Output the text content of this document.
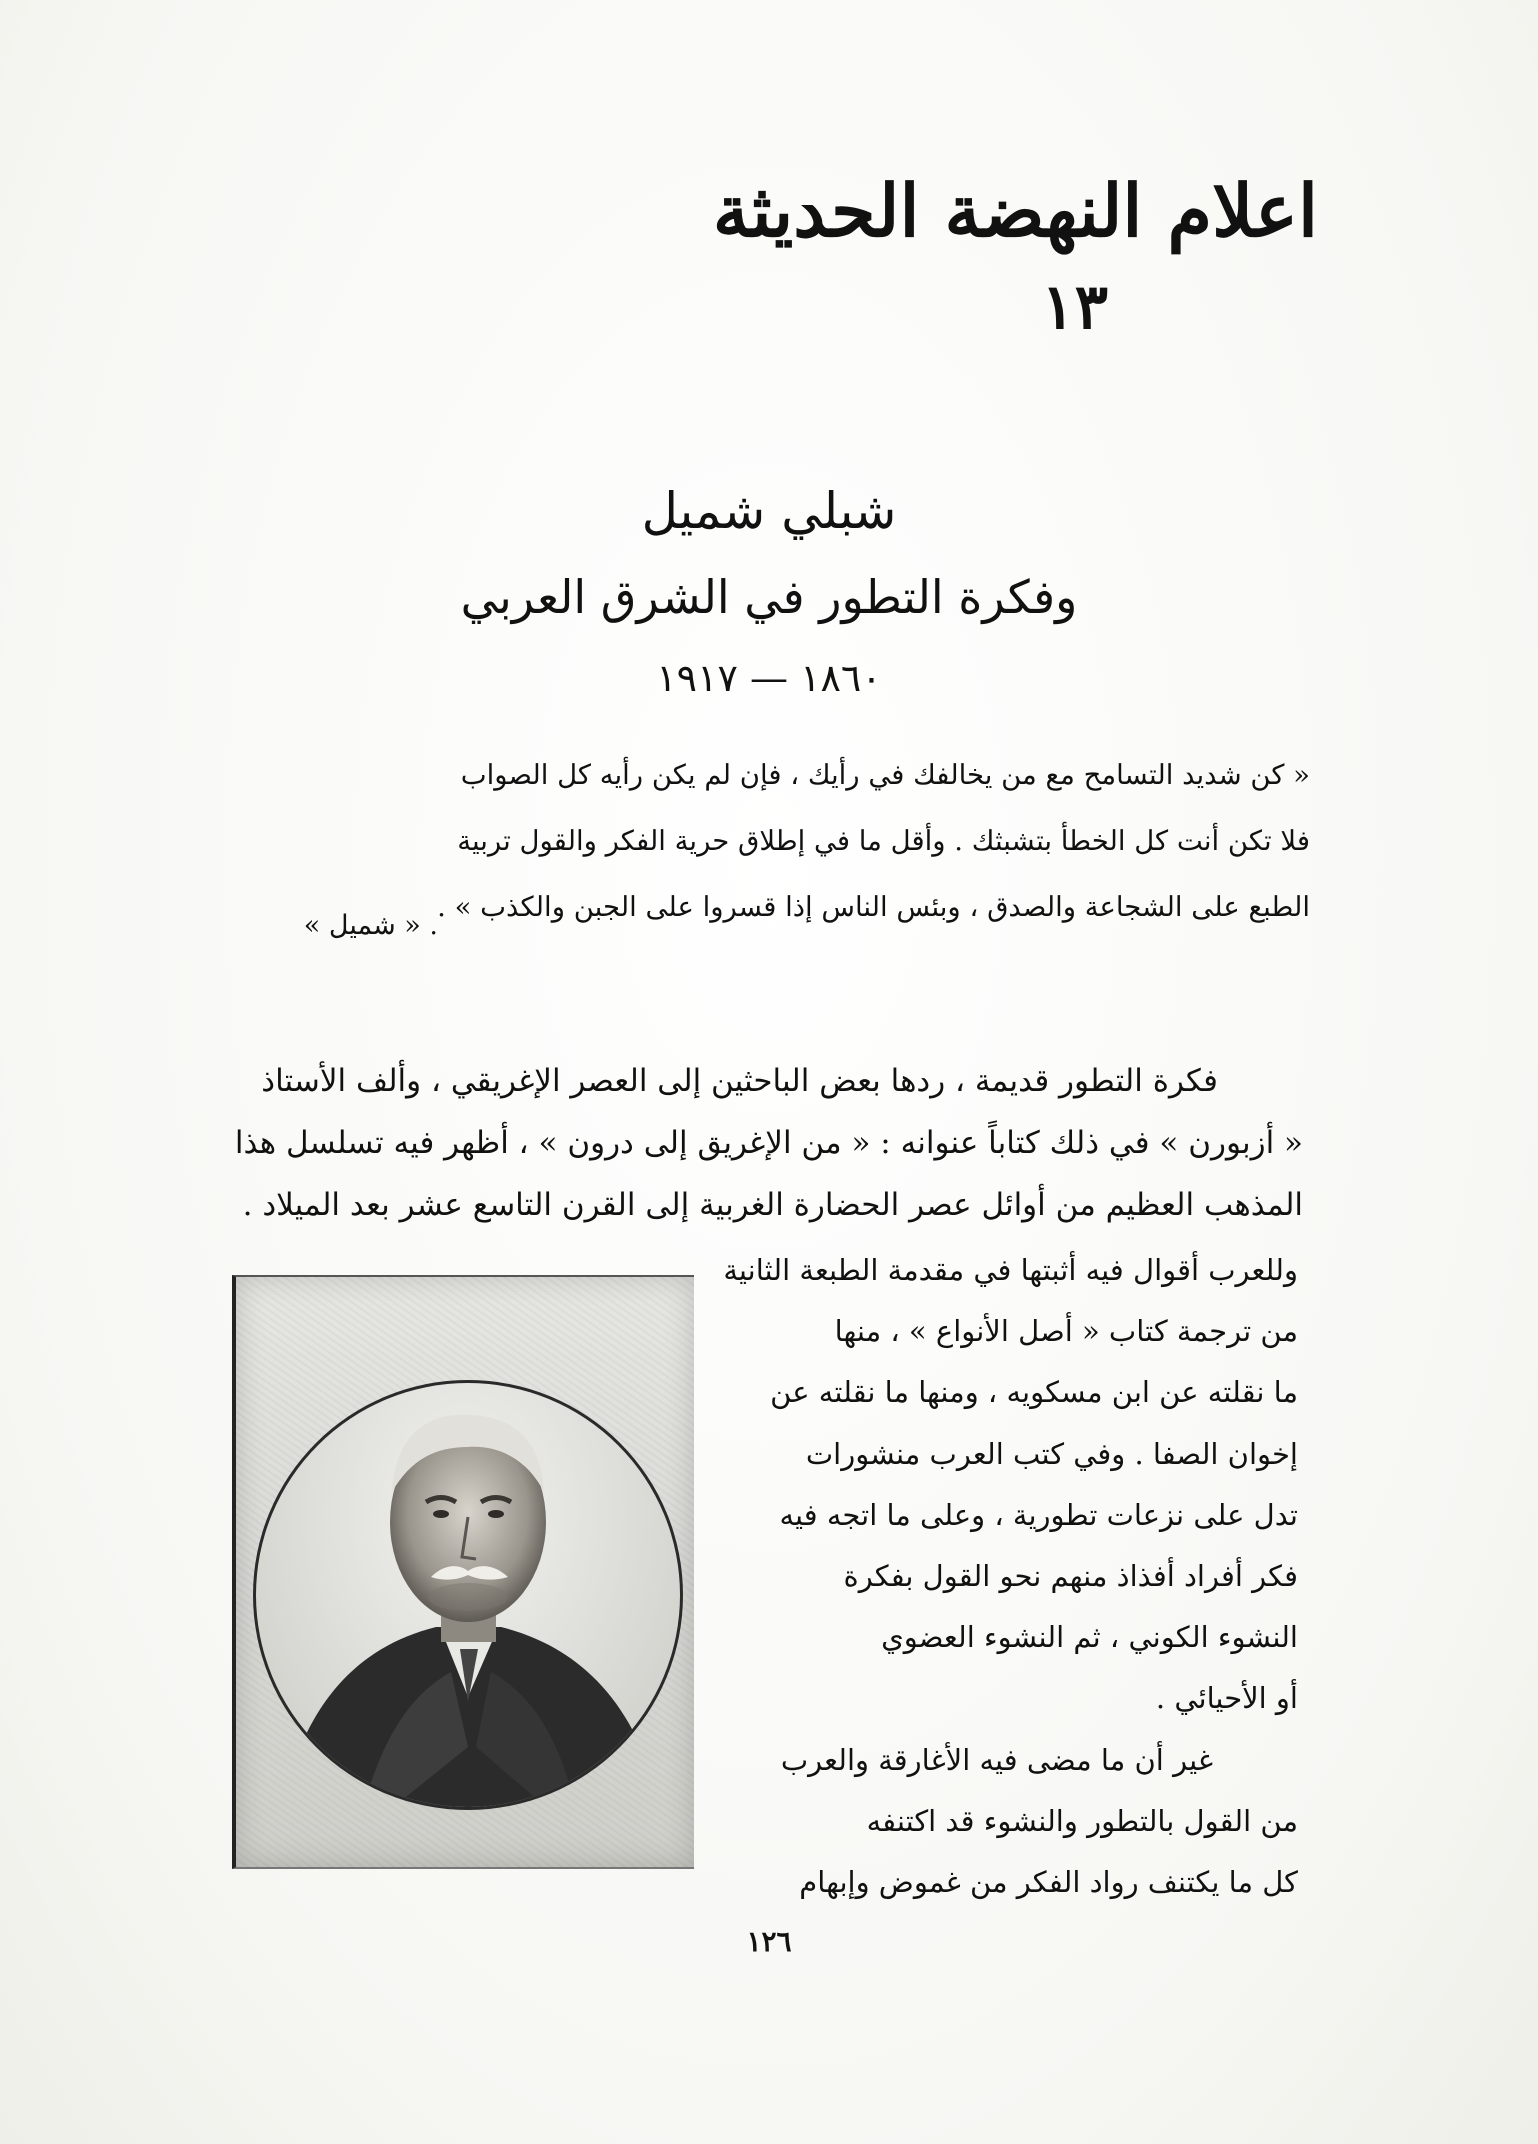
اعلام النهضة الحديثة
١٣
شبلي شميل
وفكرة التطور في الشرق العربي
١٨٦٠ — ١٩١٧
« كن شديد التسامح مع من يخالفك في رأيك ، فإن لم يكن رأيه كل الصواب
فلا تكن أنت كل الخطأ بتشبثك . وأقل ما في إطلاق حرية الفكر والقول تربية
الطبع على الشجاعة والصدق ، وبئس الناس إذا قسروا على الجبن والكذب » .
. « شميل »
فكرة التطور قديمة ، ردها بعض الباحثين إلى العصر الإغريقي ، وألف الأستاذ
« أزبورن » في ذلك كتاباً عنوانه : « من الإغريق إلى درون » ، أظهر فيه تسلسل هذا
المذهب العظيم من أوائل عصر الحضارة الغربية إلى القرن التاسع عشر بعد الميلاد .
وللعرب أقوال فيه أثبتها في مقدمة الطبعة الثانية
من ترجمة كتاب « أصل الأنواع » ، منها
ما نقلته عن ابن مسكويه ، ومنها ما نقلته عن
إخوان الصفا . وفي كتب العرب منشورات
تدل على نزعات تطورية ، وعلى ما اتجه فيه
فكر أفراد أفذاذ منهم نحو القول بفكرة
النشوء الكوني ، ثم النشوء العضوي
أو الأحيائي .
غير أن ما مضى فيه الأغارقة والعرب
من القول بالتطور والنشوء قد اكتنفه
كل ما يكتنف رواد الفكر من غموض وإبهام
١٢٦
